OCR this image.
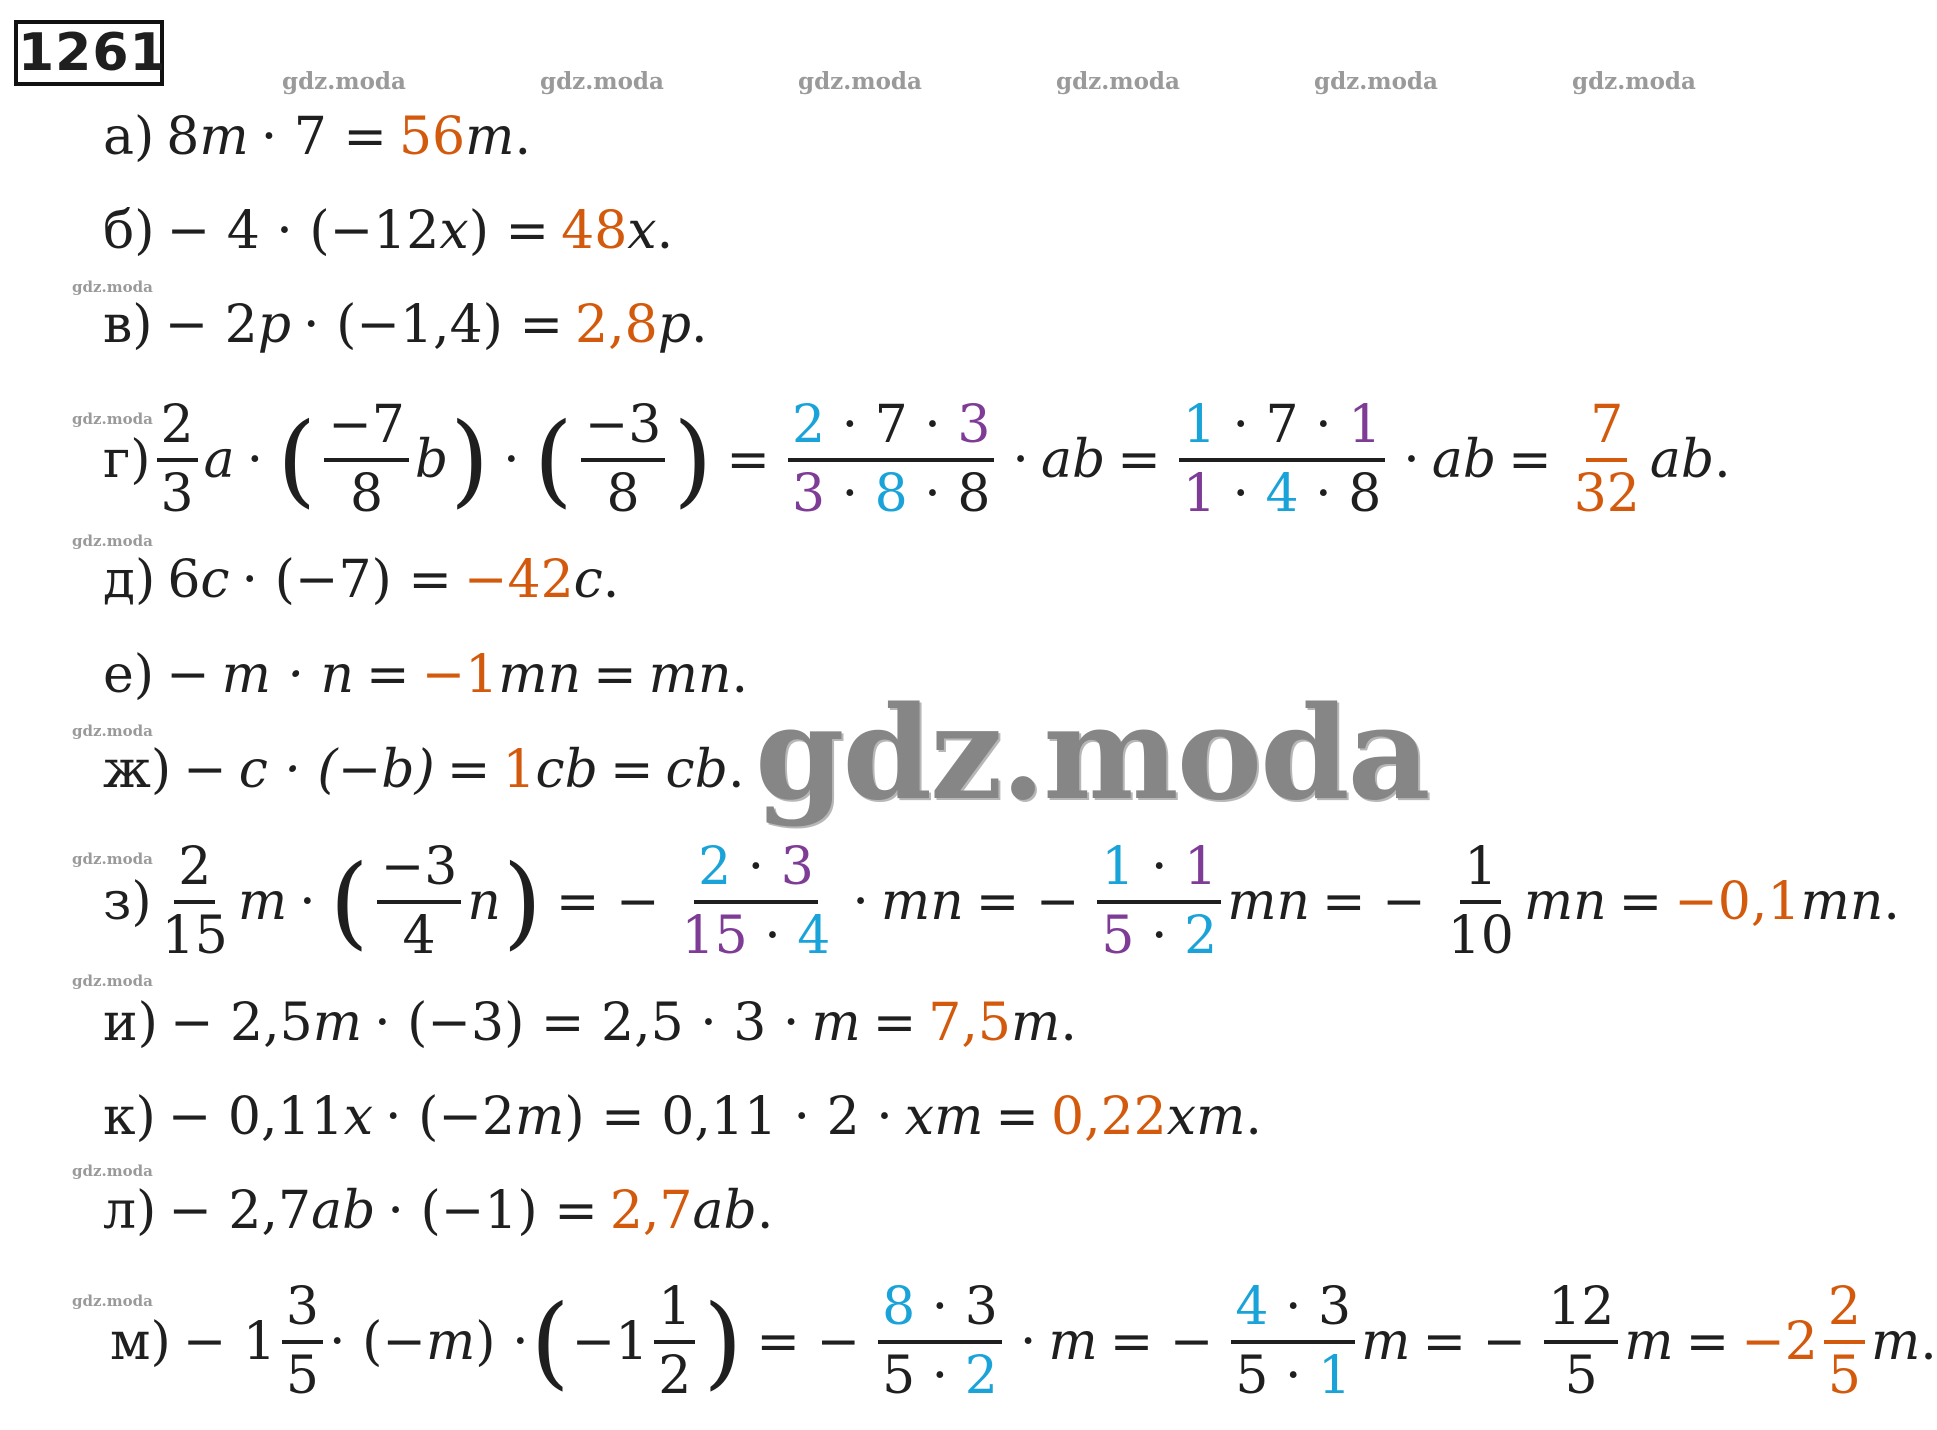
1261	gdz.moda	gdz.moda	gdz.moda	gdz.moda	gdz.moda	gdz.moda
gdz.moda
gdz.moda
gdz.moda
gdz.moda
gdz.moda
gdz.moda
gdz.moda
gdz.moda
а) 8 m · 7 = 56 m .
б) − 4 · (−12 x ) = 48 x .
в) − 2 p · (−1,4) = 2,8 p .
$г) \frac{2}{3}$ a · ( $\frac{-7}{8}$ b ) · ( $\frac{-3}{8}$ ) = $\frac{2 \cdot 7 \cdot 3}{3 \cdot 8 \cdot 8}$ · ab = $\frac{1 \cdot 7 \cdot 1}{1 \cdot 4 \cdot 8}$ · ab = $\frac{7}{32}$ ab .
д) 6 c · (−7) = −42 c .
е) − m · n = −1 mn = mn .
ж) − c · (−b) = 1 cb = cb . gdz.moda
$з) \frac{2}{15}$ m · ( $\frac{-3}{4}$ n ) = − $\frac{2 \cdot 3}{15 \cdot 4}$ · mn = − $\frac{1 \cdot 1}{5 \cdot 2}$ mn = − $\frac{1}{10}$ mn = −0,1 mn .
и) − 2,5 m · (−3) = 2,5 · 3 · m = 7,5 m .
к) − 0,11 x · (−2 m ) = 0,11 · 2 · xm = 0,22 xm .
л) − 2,7 ab · (−1) = 2,7 ab .
$м) - 1 \frac{3}{5}$ · (− m ) · ( $-1 \frac{1}{2}$ ) = − $\frac{8 \cdot 3}{5 \cdot 2} \cdot m$ = − $\frac{4 \cdot 3}{5 \cdot 1}$ m = − $\frac{12}{5}$ $m = -2 \frac{2}{5}$ m .
